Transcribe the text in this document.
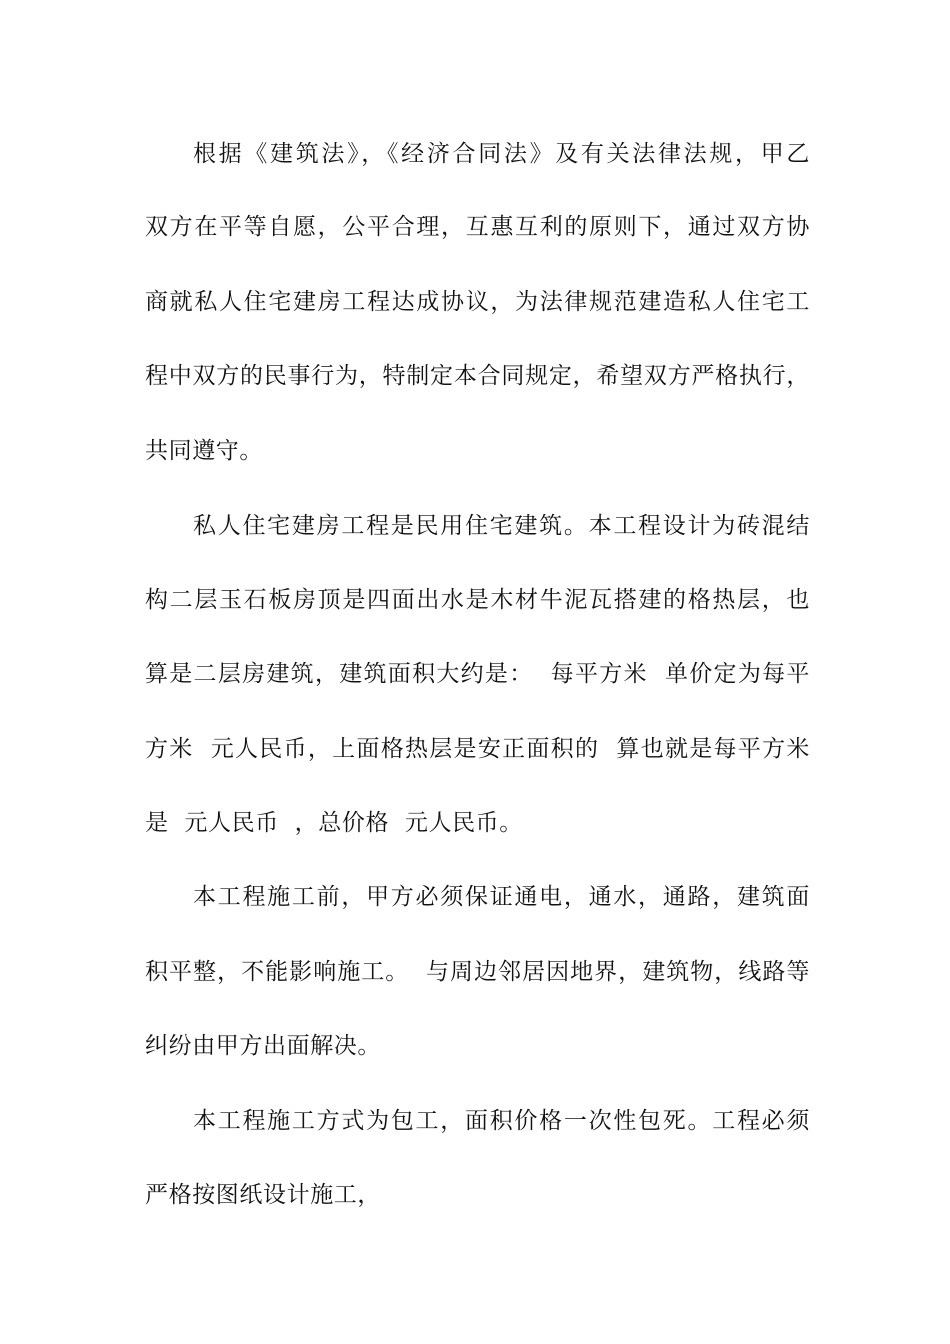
根据《建筑法》，《经济合同法》及有关法律法规，甲乙
双方在平等自愿，公平合理，互惠互利的原则下，通过双方协
商就私人住宅建房工程达成协议，为法律规范建造私人住宅工
程中双方的民事行为，特制定本合同规定，希望双方严格执行，
共同遵守。
私人住宅建房工程是民用住宅建筑。本工程设计为砖混结
构二层玉石板房顶是四面出水是木材牛泥瓦搭建的格热层，也
算是二层房建筑，建筑面积大约是：  每平方米  单价定为每平
方米  元人民币，上面格热层是安正面积的  算也就是每平方米
是  元人民币  ，总价格  元人民币。
本工程施工前，甲方必须保证通电，通水，通路，建筑面
积平整，不能影响施工。  与周边邻居因地界，建筑物，线路等
纠纷由甲方出面解决。
本工程施工方式为包工，面积价格一次性包死。工程必须
严格按图纸设计施工，
